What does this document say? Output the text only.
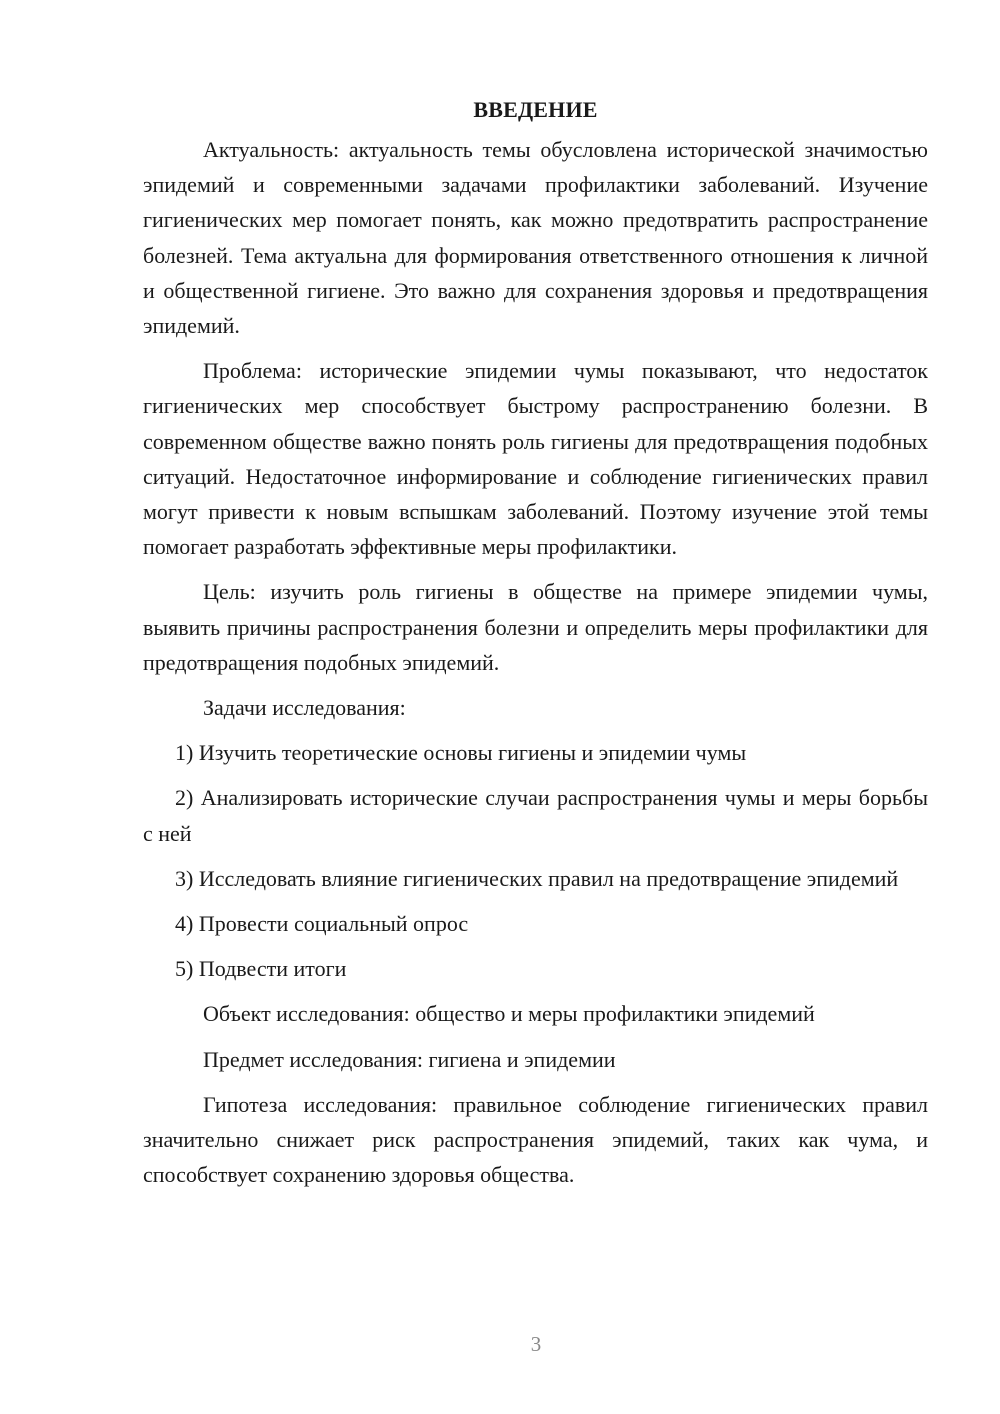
ВВЕДЕНИЕ

Актуальность: актуальность темы обусловлена исторической значимостью эпидемий и современными задачами профилактики заболеваний. Изучение гигиенических мер помогает понять, как можно предотвратить распространение болезней. Тема актуальна для формирования ответственного отношения к личной и общественной гигиене. Это важно для сохранения здоровья и предотвращения эпидемий.

Проблема: исторические эпидемии чумы показывают, что недостаток гигиенических мер способствует быстрому распространению болезни. В современном обществе важно понять роль гигиены для предотвращения подобных ситуаций. Недостаточное информирование и соблюдение гигиенических правил могут привести к новым вспышкам заболеваний. Поэтому изучение этой темы помогает разработать эффективные меры профилактики.

Цель: изучить роль гигиены в обществе на примере эпидемии чумы, выявить причины распространения болезни и определить меры профилактики для предотвращения подобных эпидемий.

Задачи исследования:

1) Изучить теоретические основы гигиены и эпидемии чумы

2) Анализировать исторические случаи распространения чумы и меры борьбы с ней

3) Исследовать влияние гигиенических правил на предотвращение эпидемий

4) Провести социальный опрос

5) Подвести итоги

Объект исследования: общество и меры профилактики эпидемий

Предмет исследования: гигиена и эпидемии

Гипотеза исследования: правильное соблюдение гигиенических правил значительно снижает риск распространения эпидемий, таких как чума, и способствует сохранению здоровья общества.

3
